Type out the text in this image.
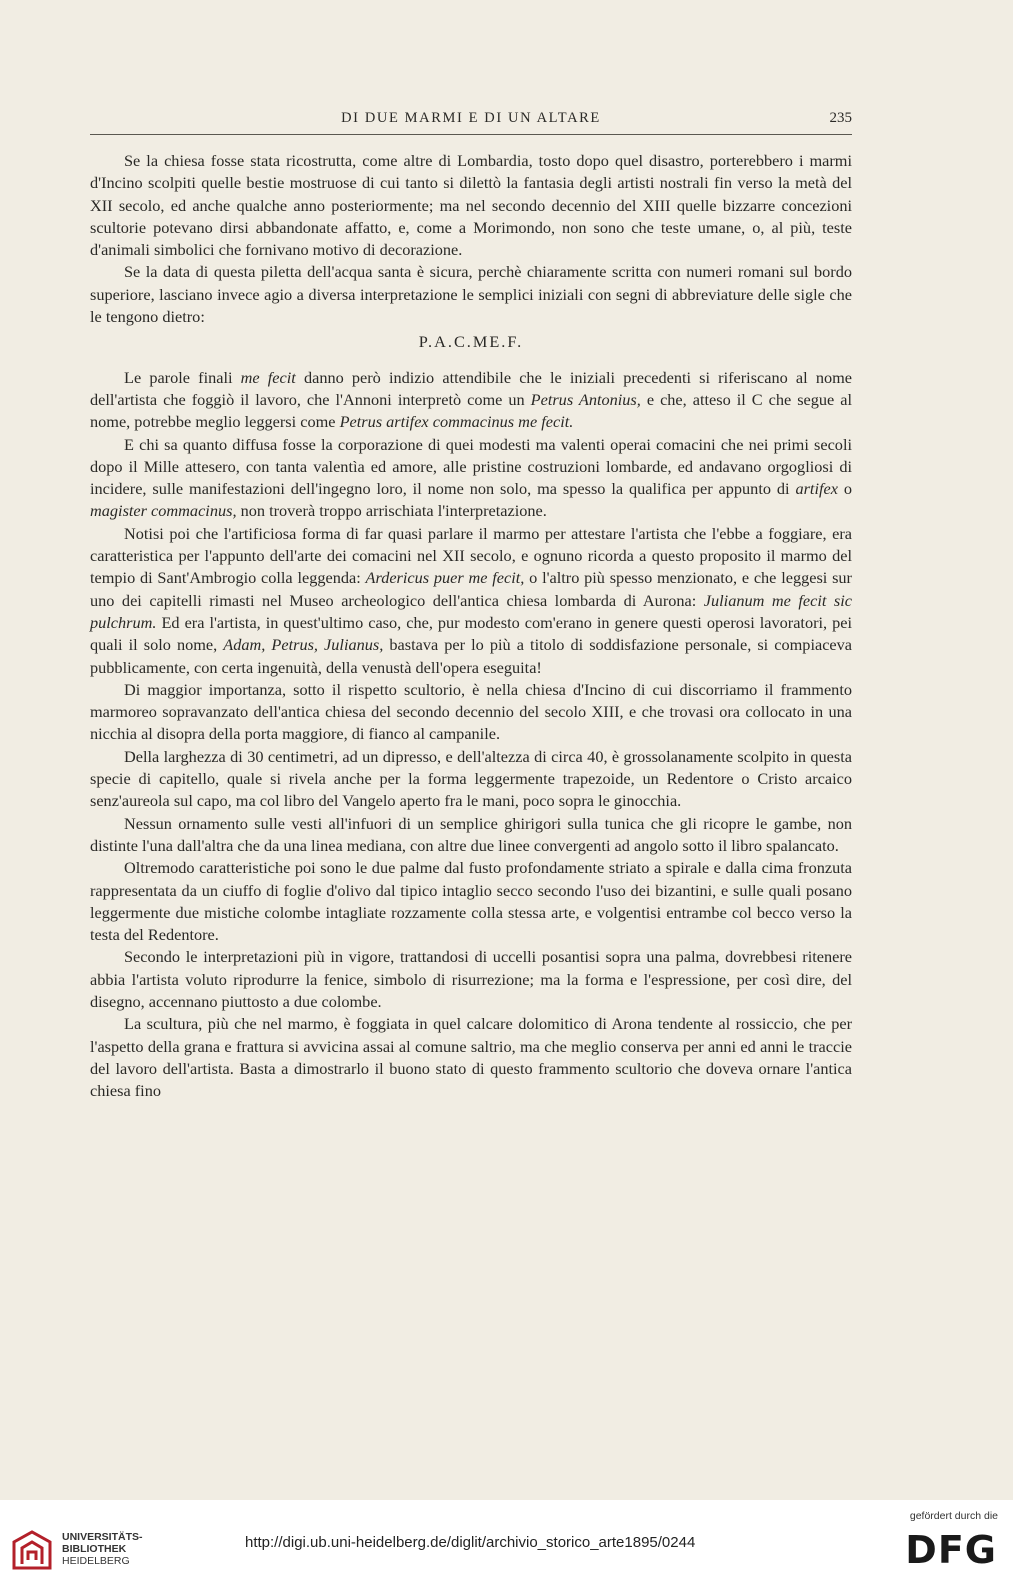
DI DUE MARMI E DI UN ALTARE	235

Se la chiesa fosse stata ricostrutta, come altre di Lombardia, tosto dopo quel disastro, porterebbero i marmi d'Incino scolpiti quelle bestie mostruose di cui tanto si dilettò la fantasia degli artisti nostrali fin verso la metà del XII secolo, ed anche qualche anno posteriormente; ma nel secondo decennio del XIII quelle bizzarre concezioni scultorie potevano dirsi abbandonate affatto, e, come a Morimondo, non sono che teste umane, o, al più, teste d'animali simbolici che fornivano motivo di decorazione.

Se la data di questa piletta dell'acqua santa è sicura, perchè chiaramente scritta con numeri romani sul bordo superiore, lasciano invece agio a diversa interpretazione le semplici iniziali con segni di abbreviature delle sigle che le tengono dietro:

P.A.C.ME.F.

Le parole finali me fecit danno però indizio attendibile che le iniziali precedenti si riferiscano al nome dell'artista che foggiò il lavoro, che l'Annoni interpretò come un Petrus Antonius, e che, atteso il C che segue al nome, potrebbe meglio leggersi come Petrus artifex commacinus me fecit.

E chi sa quanto diffusa fosse la corporazione di quei modesti ma valenti operai comacini che nei primi secoli dopo il Mille attesero, con tanta valentìa ed amore, alle pristine costruzioni lombarde, ed andavano orgogliosi di incidere, sulle manifestazioni dell'ingegno loro, il nome non solo, ma spesso la qualifica per appunto di artifex o magister commacinus, non troverà troppo arrischiata l'interpretazione.

Notisi poi che l'artificiosa forma di far quasi parlare il marmo per attestare l'artista che l'ebbe a foggiare, era caratteristica per l'appunto dell'arte dei comacini nel XII secolo, e ognuno ricorda a questo proposito il marmo del tempio di Sant'Ambrogio colla leggenda: Ardericus puer me fecit, o l'altro più spesso menzionato, e che leggesi sur uno dei capitelli rimasti nel Museo archeologico dell'antica chiesa lombarda di Aurona: Julianum me fecit sic pulchrum. Ed era l'artista, in quest'ultimo caso, che, pur modesto com'erano in genere questi operosi lavoratori, pei quali il solo nome, Adam, Petrus, Julianus, bastava per lo più a titolo di soddisfazione personale, si compiaceva pubblicamente, con certa ingenuità, della venustà dell'opera eseguita!

Di maggior importanza, sotto il rispetto scultorio, è nella chiesa d'Incino di cui discorriamo il frammento marmoreo sopravanzato dell'antica chiesa del secondo decennio del secolo XIII, e che trovasi ora collocato in una nicchia al disopra della porta maggiore, di fianco al campanile.

Della larghezza di 30 centimetri, ad un dipresso, e dell'altezza di circa 40, è grossolanamente scolpito in questa specie di capitello, quale si rivela anche per la forma leggermente trapezoide, un Redentore o Cristo arcaico senz'aureola sul capo, ma col libro del Vangelo aperto fra le mani, poco sopra le ginocchia.

Nessun ornamento sulle vesti all'infuori di un semplice ghirigori sulla tunica che gli ricopre le gambe, non distinte l'una dall'altra che da una linea mediana, con altre due linee convergenti ad angolo sotto il libro spalancato.

Oltremodo caratteristiche poi sono le due palme dal fusto profondamente striato a spirale e dalla cima fronzuta rappresentata da un ciuffo di foglie d'olivo dal tipico intaglio secco secondo l'uso dei bizantini, e sulle quali posano leggermente due mistiche colombe intagliate rozzamente colla stessa arte, e volgentisi entrambe col becco verso la testa del Redentore.

Secondo le interpretazioni più in vigore, trattandosi di uccelli posantisi sopra una palma, dovrebbesi ritenere abbia l'artista voluto riprodurre la fenice, simbolo di risurrezione; ma la forma e l'espressione, per così dire, del disegno, accennano piuttosto a due colombe.

La scultura, più che nel marmo, è foggiata in quel calcare dolomitico di Arona tendente al rossiccio, che per l'aspetto della grana e frattura si avvicina assai al comune saltrio, ma che meglio conserva per anni ed anni le traccie del lavoro dell'artista. Basta a dimostrarlo il buono stato di questo frammento scultorio che doveva ornare l'antica chiesa fino

UNIVERSITÄTS-
BIBLIOTHEK
HEIDELBERG
http://digi.ub.uni-heidelberg.de/diglit/archivio_storico_arte1895/0244
gefördert durch die
DFG
